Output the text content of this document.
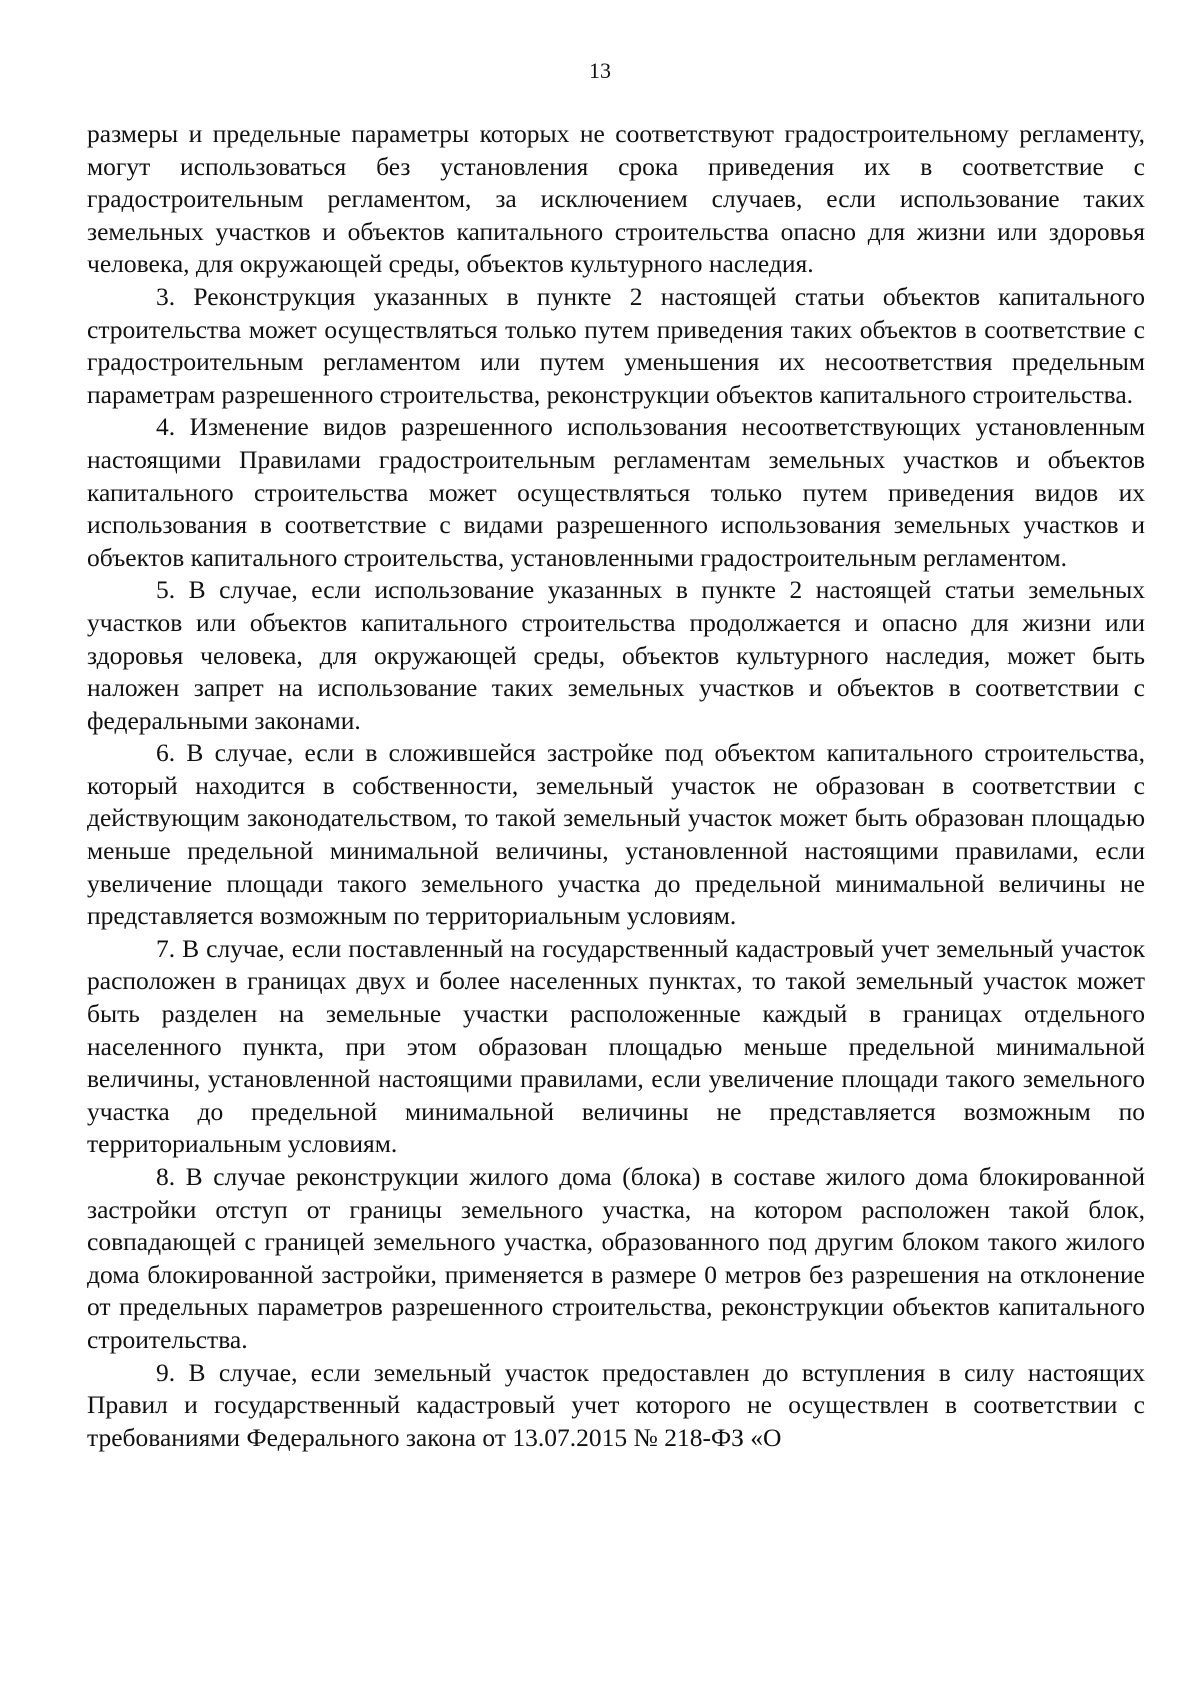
13

размеры и предельные параметры которых не соответствуют градостроительному регламенту, могут использоваться без установления срока приведения их в соответствие с градостроительным регламентом, за исключением случаев, если использование таких земельных участков и объектов капитального строительства опасно для жизни или здоровья человека, для окружающей среды, объектов культурного наследия.

3. Реконструкция указанных в пункте 2 настоящей статьи объектов капитального строительства может осуществляться только путем приведения таких объектов в соответствие с градостроительным регламентом или путем уменьшения их несоответствия предельным параметрам разрешенного строительства, реконструкции объектов капитального строительства.

4. Изменение видов разрешенного использования несоответствующих установленным настоящими Правилами градостроительным регламентам земельных участков и объектов капитального строительства может осуществляться только путем приведения видов их использования в соответствие с видами разрешенного использования земельных участков и объектов капитального строительства, установленными градостроительным регламентом.

5. В случае, если использование указанных в пункте 2 настоящей статьи земельных участков или объектов капитального строительства продолжается и опасно для жизни или здоровья человека, для окружающей среды, объектов культурного наследия, может быть наложен запрет на использование таких земельных участков и объектов в соответствии с федеральными законами.

6. В случае, если в сложившейся застройке под объектом капитального строительства, который находится в собственности, земельный участок не образован в соответствии с действующим законодательством, то такой земельный участок может быть образован площадью меньше предельной минимальной величины, установленной настоящими правилами, если увеличение площади такого земельного участка до предельной минимальной величины не представляется возможным по территориальным условиям.

7. В случае, если поставленный на государственный кадастровый учет земельный участок расположен в границах двух и более населенных пунктах, то такой земельный участок может быть разделен на земельные участки расположенные каждый в границах отдельного населенного пункта, при этом образован площадью меньше предельной минимальной величины, установленной настоящими правилами, если увеличение площади такого земельного участка до предельной минимальной величины не представляется возможным по территориальным условиям.

8. В случае реконструкции жилого дома (блока) в составе жилого дома блокированной застройки отступ от границы земельного участка, на котором расположен такой блок, совпадающей с границей земельного участка, образованного под другим блоком такого жилого дома блокированной застройки, применяется в размере 0 метров без разрешения на отклонение от предельных параметров разрешенного строительства, реконструкции объектов капитального строительства.

9. В случае, если земельный участок предоставлен до вступления в силу настоящих Правил и государственный кадастровый учет которого не осуществлен в соответствии с требованиями Федерального закона от 13.07.2015 № 218-ФЗ «О
